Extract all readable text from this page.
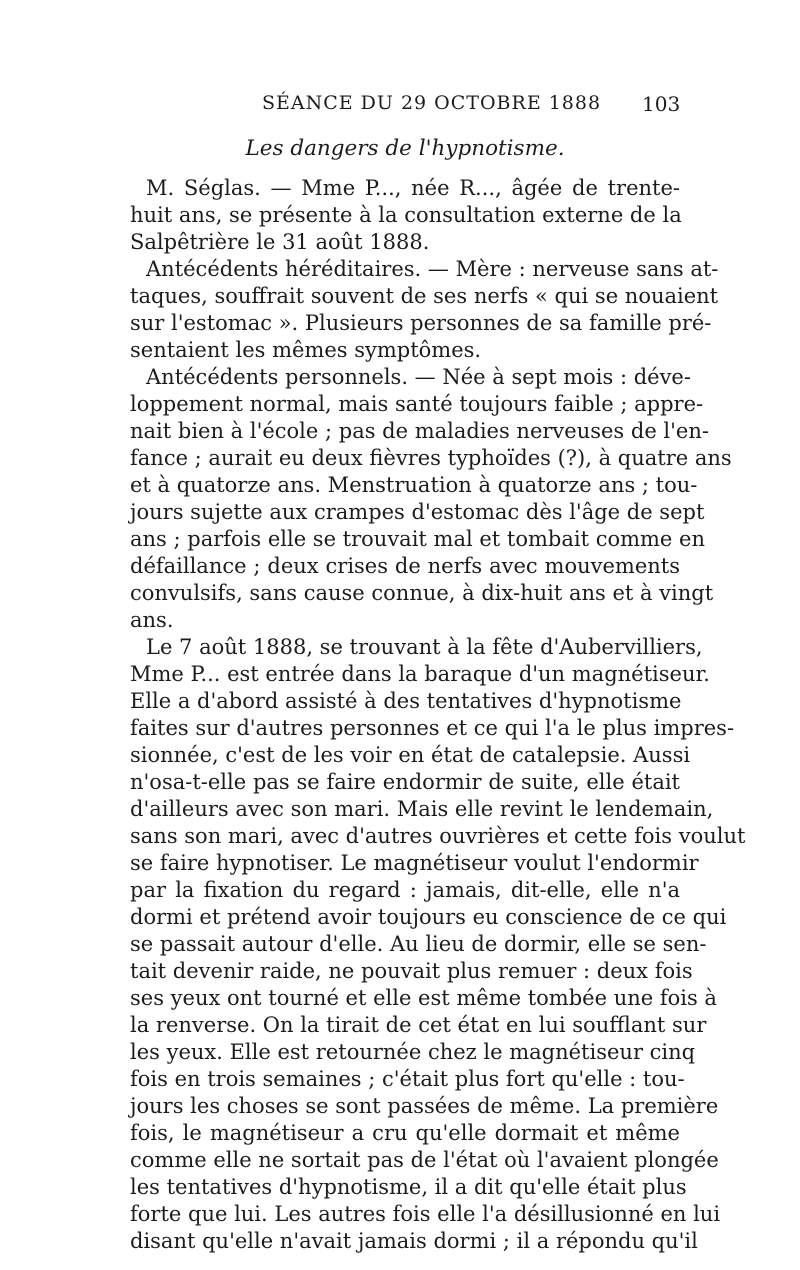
SÉANCE DU 29 OCTOBRE 1888 103
Les dangers de l'hypnotisme.
M. Séglas. — Mme P..., née R..., âgée de trente-
huit ans, se présente à la consultation externe de la
Salpêtrière le 31 août 1888.
Antécédents héréditaires. — Mère : nerveuse sans at-
taques, souffrait souvent de ses nerfs « qui se nouaient
sur l'estomac ». Plusieurs personnes de sa famille pré-
sentaient les mêmes symptômes.
Antécédents personnels. — Née à sept mois : déve-
loppement normal, mais santé toujours faible ; appre-
nait bien à l'école ; pas de maladies nerveuses de l'en-
fance ; aurait eu deux fièvres typhoïdes (?), à quatre ans
et à quatorze ans. Menstruation à quatorze ans ; tou-
jours sujette aux crampes d'estomac dès l'âge de sept
ans ; parfois elle se trouvait mal et tombait comme en
défaillance ; deux crises de nerfs avec mouvements
convulsifs, sans cause connue, à dix-huit ans et à vingt
ans.
Le 7 août 1888, se trouvant à la fête d'Aubervilliers,
Mme P... est entrée dans la baraque d'un magnétiseur.
Elle a d'abord assisté à des tentatives d'hypnotisme
faites sur d'autres personnes et ce qui l'a le plus impres-
sionnée, c'est de les voir en état de catalepsie. Aussi
n'osa-t-elle pas se faire endormir de suite, elle était
d'ailleurs avec son mari. Mais elle revint le lendemain,
sans son mari, avec d'autres ouvrières et cette fois voulut
se faire hypnotiser. Le magnétiseur voulut l'endormir
par la fixation du regard : jamais, dit-elle, elle n'a
dormi et prétend avoir toujours eu conscience de ce qui
se passait autour d'elle. Au lieu de dormir, elle se sen-
tait devenir raide, ne pouvait plus remuer : deux fois
ses yeux ont tourné et elle est même tombée une fois à
la renverse. On la tirait de cet état en lui soufflant sur
les yeux. Elle est retournée chez le magnétiseur cinq
fois en trois semaines ; c'était plus fort qu'elle : tou-
jours les choses se sont passées de même. La première
fois, le magnétiseur a cru qu'elle dormait et même
comme elle ne sortait pas de l'état où l'avaient plongée
les tentatives d'hypnotisme, il a dit qu'elle était plus
forte que lui. Les autres fois elle l'a désillusionné en lui
disant qu'elle n'avait jamais dormi ; il a répondu qu'il
